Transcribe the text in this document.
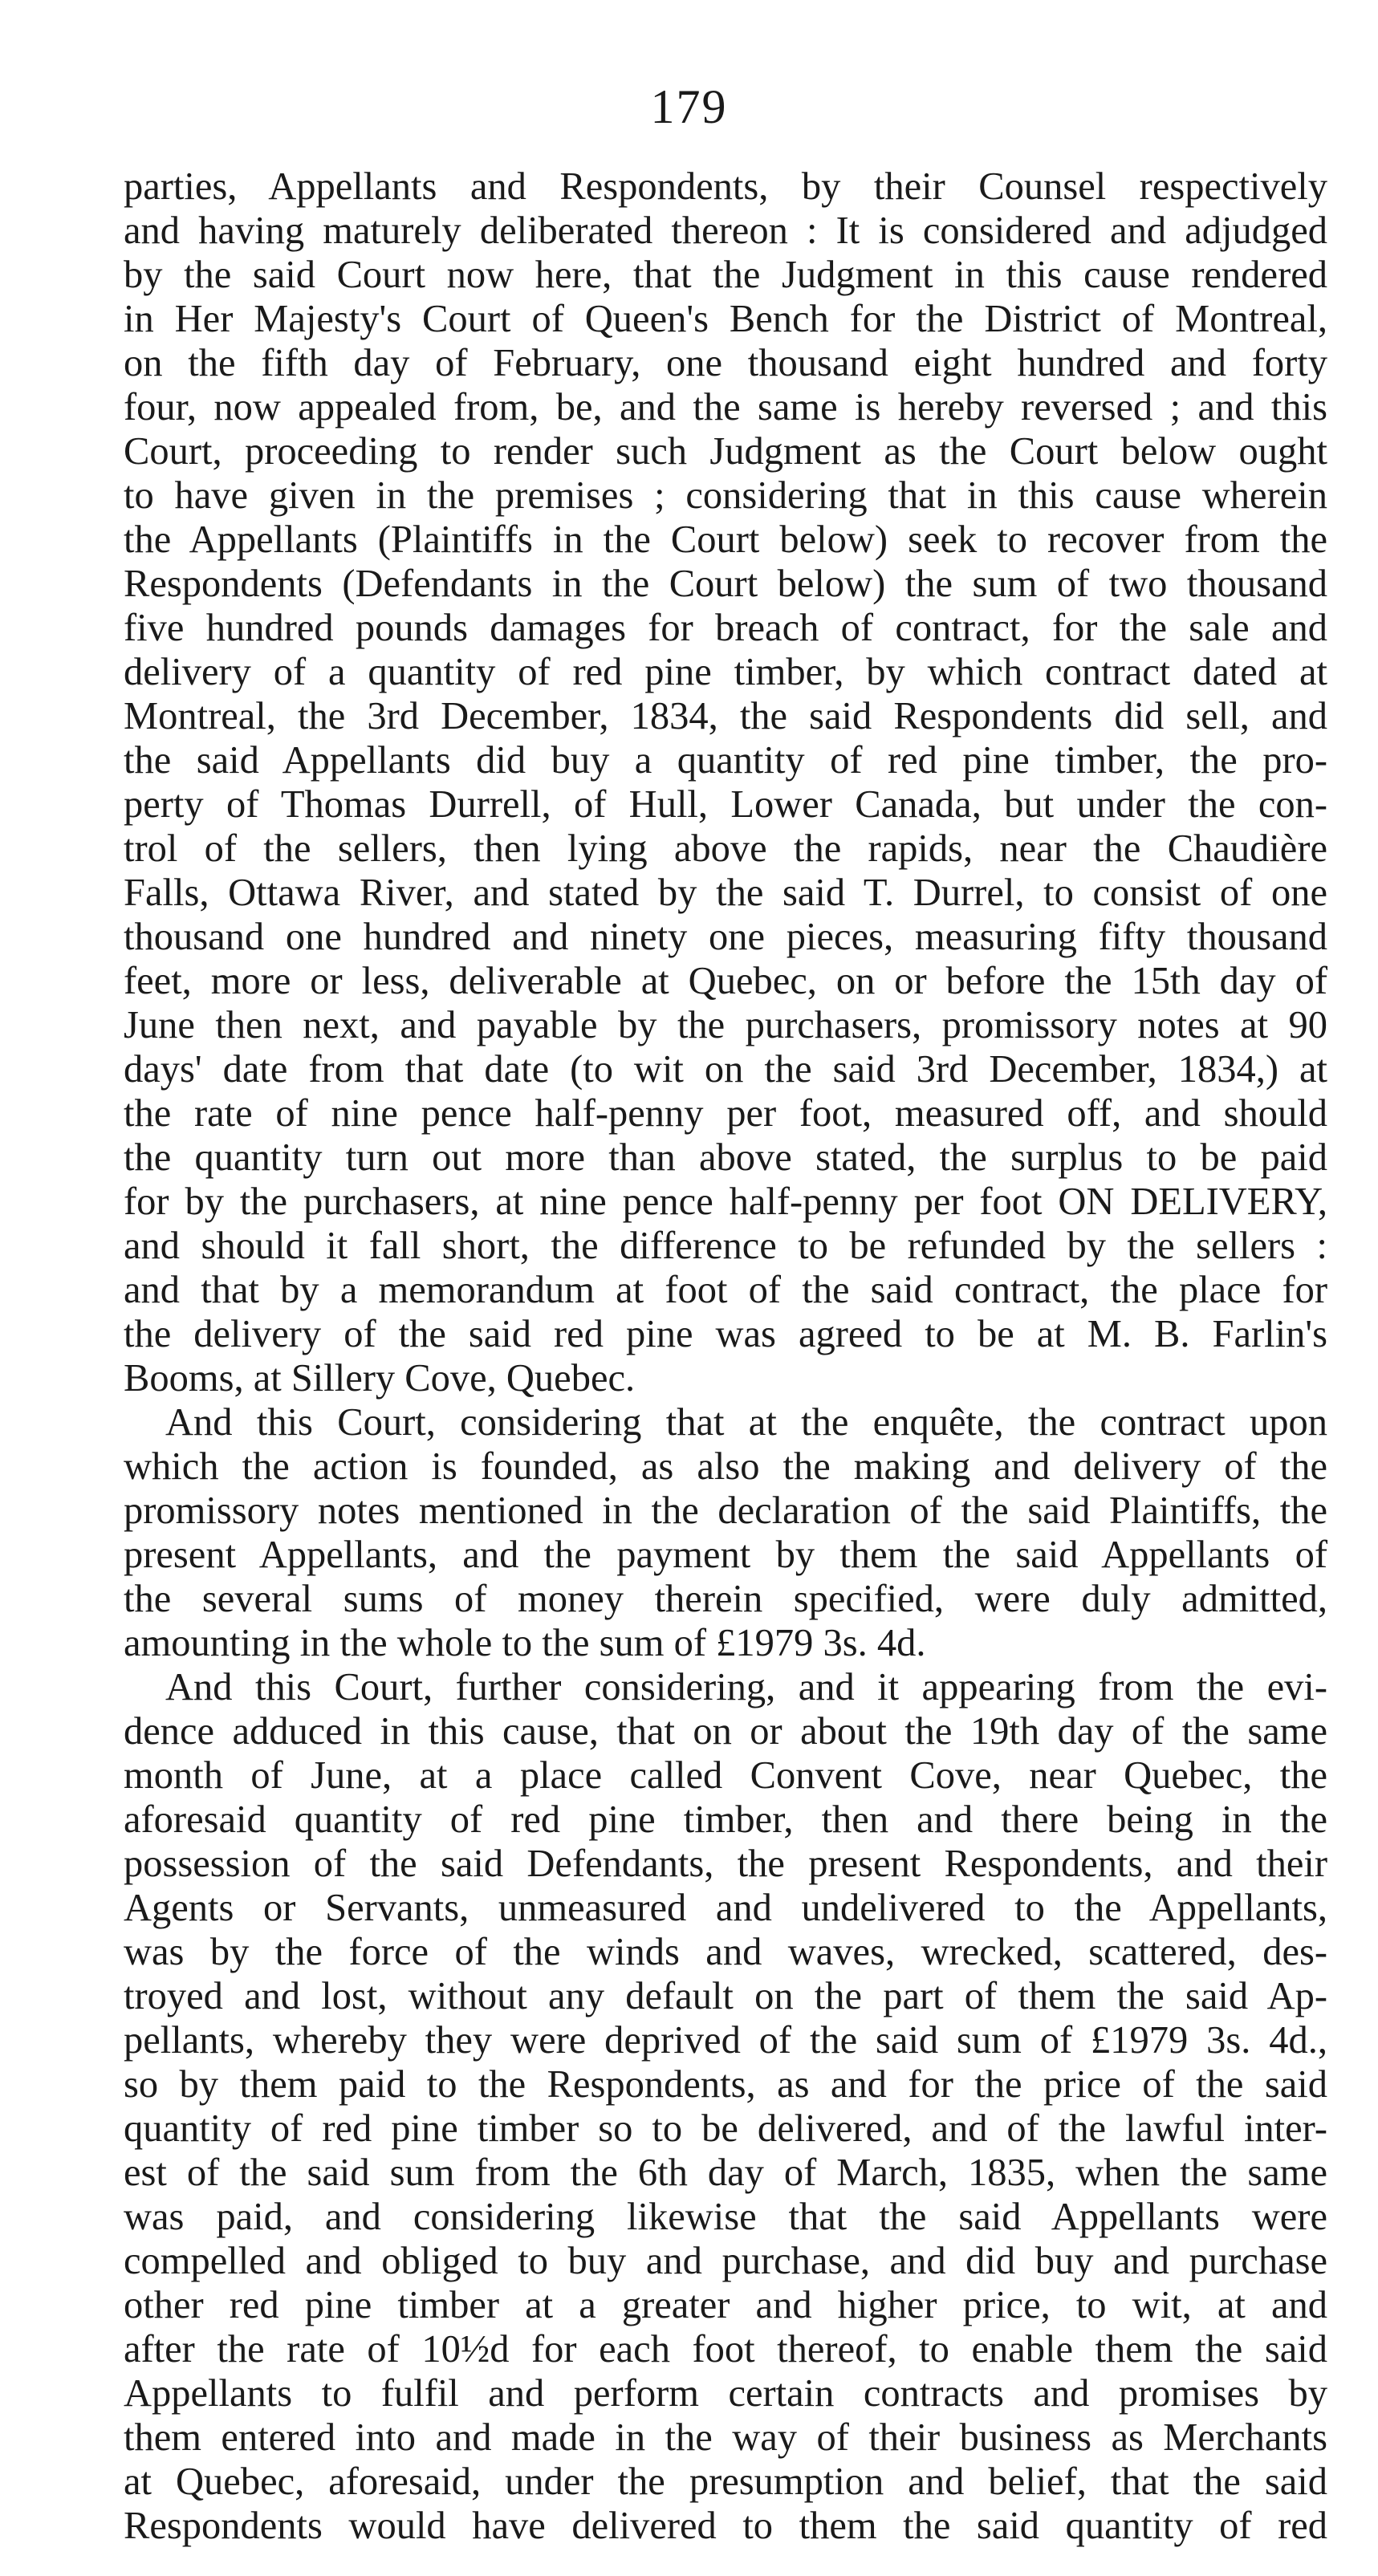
179
parties, Appellants and Respondents, by their Counsel respectively
and having maturely deliberated thereon : It is considered and adjudged
by the said Court now here, that the Judgment in this cause rendered
in Her Majesty's Court of Queen's Bench for the District of Montreal,
on the fifth day of February, one thousand eight hundred and forty
four, now appealed from, be, and the same is hereby reversed ; and this
Court, proceeding to render such Judgment as the Court below ought
to have given in the premises ; considering that in this cause wherein
the Appellants (Plaintiffs in the Court below) seek to recover from the
Respondents (Defendants in the Court below) the sum of two thousand
five hundred pounds damages for breach of contract, for the sale and
delivery of a quantity of red pine timber, by which contract dated at
Montreal, the 3rd December, 1834, the said Respondents did sell, and
the said Appellants did buy a quantity of red pine timber, the pro-
perty of Thomas Durrell, of Hull, Lower Canada, but under the con-
trol of the sellers, then lying above the rapids, near the Chaudière
Falls, Ottawa River, and stated by the said T. Durrel, to consist of one
thousand one hundred and ninety one pieces, measuring fifty thousand
feet, more or less, deliverable at Quebec, on or before the 15th day of
June then next, and payable by the purchasers, promissory notes at 90
days' date from that date (to wit on the said 3rd December, 1834,) at
the rate of nine pence half-penny per foot, measured off, and should
the quantity turn out more than above stated, the surplus to be paid
for by the purchasers, at nine pence half-penny per foot ON DELIVERY,
and should it fall short, the difference to be refunded by the sellers :
and that by a memorandum at foot of the said contract, the place for
the delivery of the said red pine was agreed to be at M. B. Farlin's
Booms, at Sillery Cove, Quebec.
And this Court, considering that at the enquête, the contract upon
which the action is founded, as also the making and delivery of the
promissory notes mentioned in the declaration of the said Plaintiffs, the
present Appellants, and the payment by them the said Appellants of
the several sums of money therein specified, were duly admitted,
amounting in the whole to the sum of £1979 3s. 4d.
And this Court, further considering, and it appearing from the evi-
dence adduced in this cause, that on or about the 19th day of the same
month of June, at a place called Convent Cove, near Quebec, the
aforesaid quantity of red pine timber, then and there being in the
possession of the said Defendants, the present Respondents, and their
Agents or Servants, unmeasured and undelivered to the Appellants,
was by the force of the winds and waves, wrecked, scattered, des-
troyed and lost, without any default on the part of them the said Ap-
pellants, whereby they were deprived of the said sum of £1979 3s. 4d.,
so by them paid to the Respondents, as and for the price of the said
quantity of red pine timber so to be delivered, and of the lawful inter-
est of the said sum from the 6th day of March, 1835, when the same
was paid, and considering likewise that the said Appellants were
compelled and obliged to buy and purchase, and did buy and purchase
other red pine timber at a greater and higher price, to wit, at and
after the rate of 10½d for each foot thereof, to enable them the said
Appellants to fulfil and perform certain contracts and promises by
them entered into and made in the way of their business as Merchants
at Quebec, aforesaid, under the presumption and belief, that the said
Respondents would have delivered to them the said quantity of red
